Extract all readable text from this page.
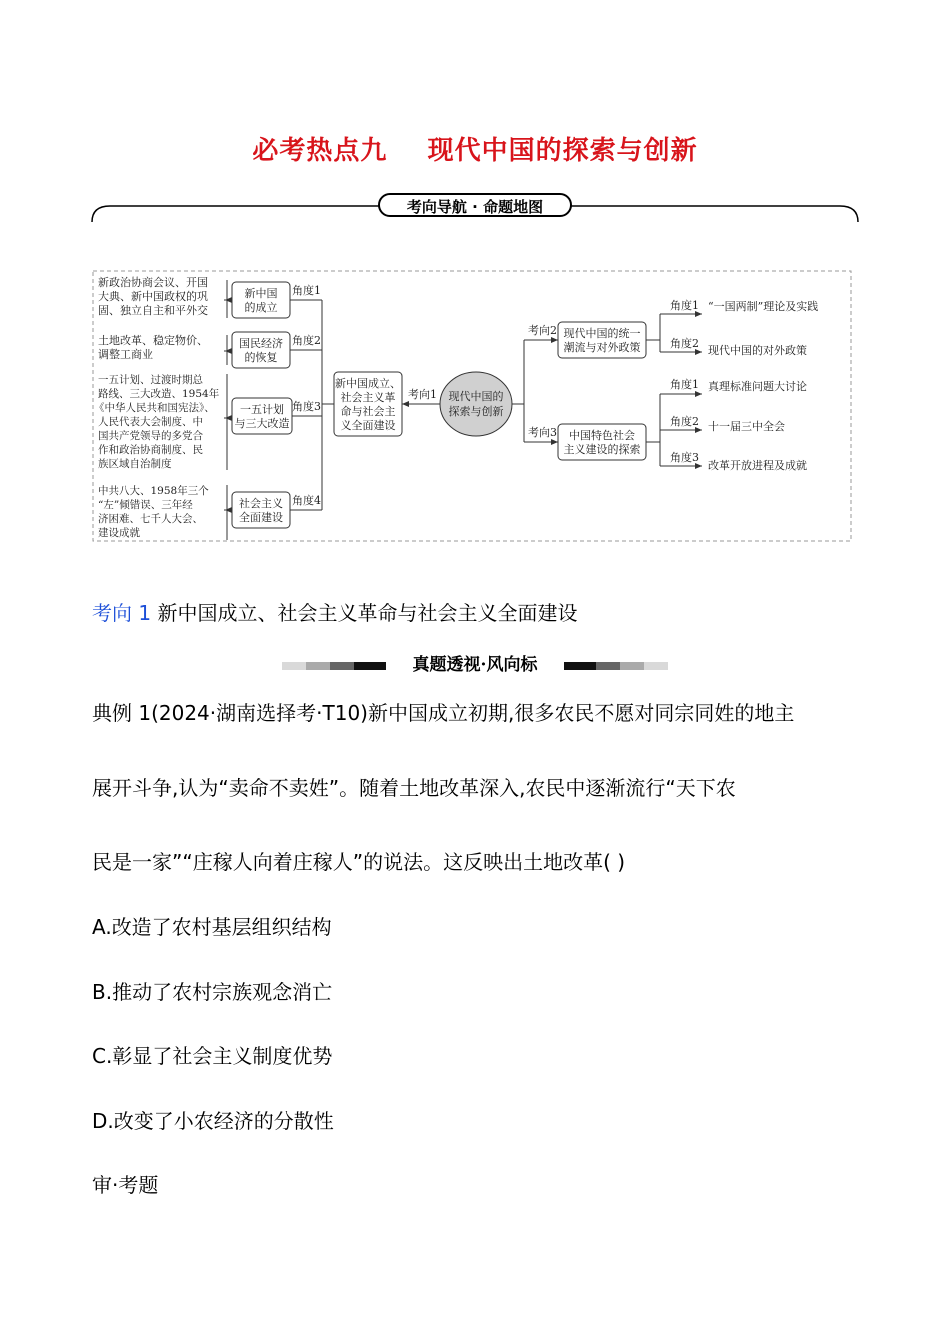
必考热点九    现代中国的探索与创新
考向导航 · 命题地图
新政治协商会议、开国
大典、新中国政权的巩
固、独立自主和平外交
土地改革、稳定物价、
调整工商业
一五计划、过渡时期总
路线、三大改造、1954年
《中华人民共和国宪法》、
人民代表大会制度、中
国共产党领导的多党合
作和政治协商制度、民
族区域自治制度
中共八大、1958年三个
“左”倾错误、三年经
济困难、七千人大会、
建设成就
新中国
的成立
国民经济
的恢复
一五计划
与三大改造
社会主义
全面建设
角度1
角度2
角度3
角度4
新中国成立、
社会主义革
命与社会主
义全面建设
考向1 现代中国的
探索与创新
考向2
考向3
现代中国的统一
潮流与对外政策
中国特色社会
主义建设的探索
角度1
角度2
“一国两制”理论及实践
现代中国的对外政策
角度1
角度2
角度3
真理标准问题大讨论
十一届三中全会
改革开放进程及成就
考向 1 新中国成立、社会主义革命与社会主义全面建设
真题透视·风向标
典例 1(2024·湖南选择考·T10)新中国成立初期,很多农民不愿对同宗同姓的地主
展开斗争,认为“卖命不卖姓”。随着土地改革深入,农民中逐渐流行“天下农
民是一家”“庄稼人向着庄稼人”的说法。这反映出土地改革( )
A.改造了农村基层组织结构
B.推动了农村宗族观念消亡
C.彰显了社会主义制度优势
D.改变了小农经济的分散性
审·考题
